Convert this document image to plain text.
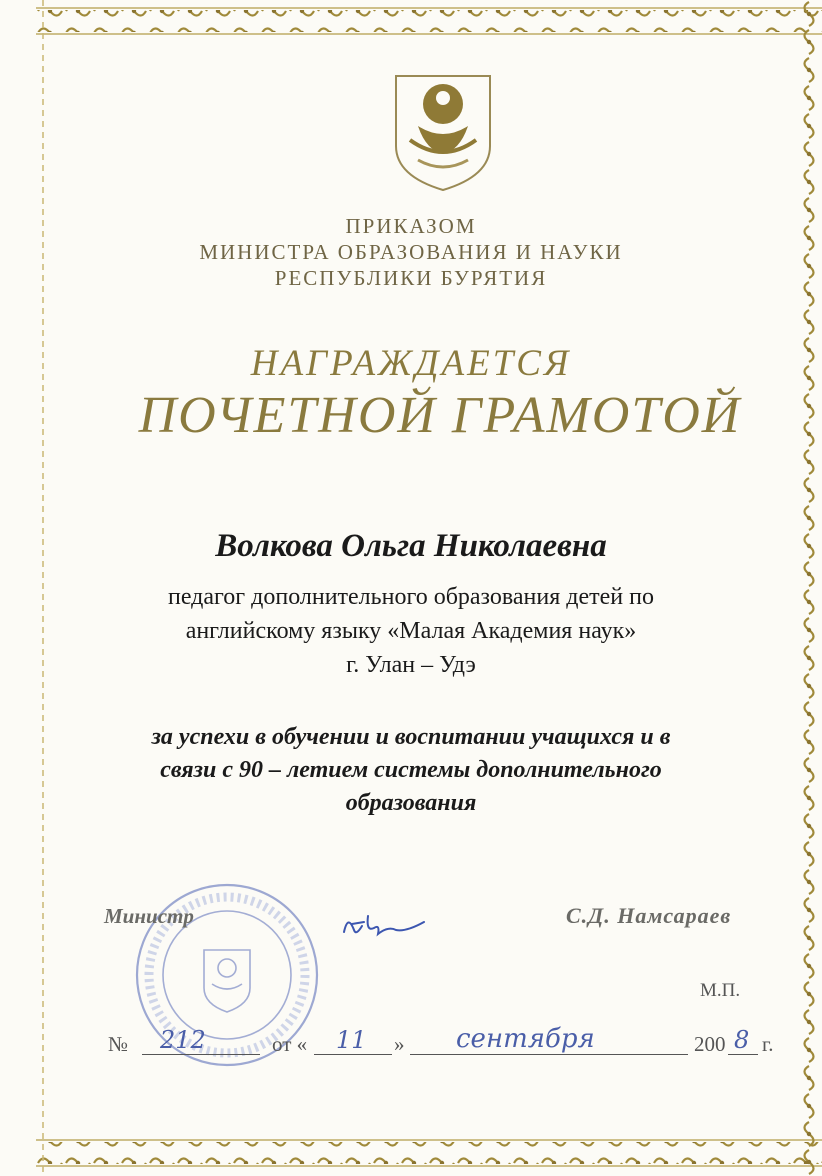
ПРИКАЗОМ

МИНИСТРА ОБРАЗОВАНИЯ И НАУКИ

РЕСПУБЛИКИ БУРЯТИЯ

НАГРАЖДАЕТСЯ

ПОЧЕТНОЙ ГРАМОТОЙ

Волкова Ольга Николаевна

педагог дополнительного образования детей по

английскому языку «Малая Академия наук»

г. Улан – Удэ

за успехи в обучении и воспитании учащихся и в

связи с 90 – летием системы дополнительного

образования

Министр	С.Д. Намсараев
М.П.
№ 212	от « 11 » сентября	200 8 г.
